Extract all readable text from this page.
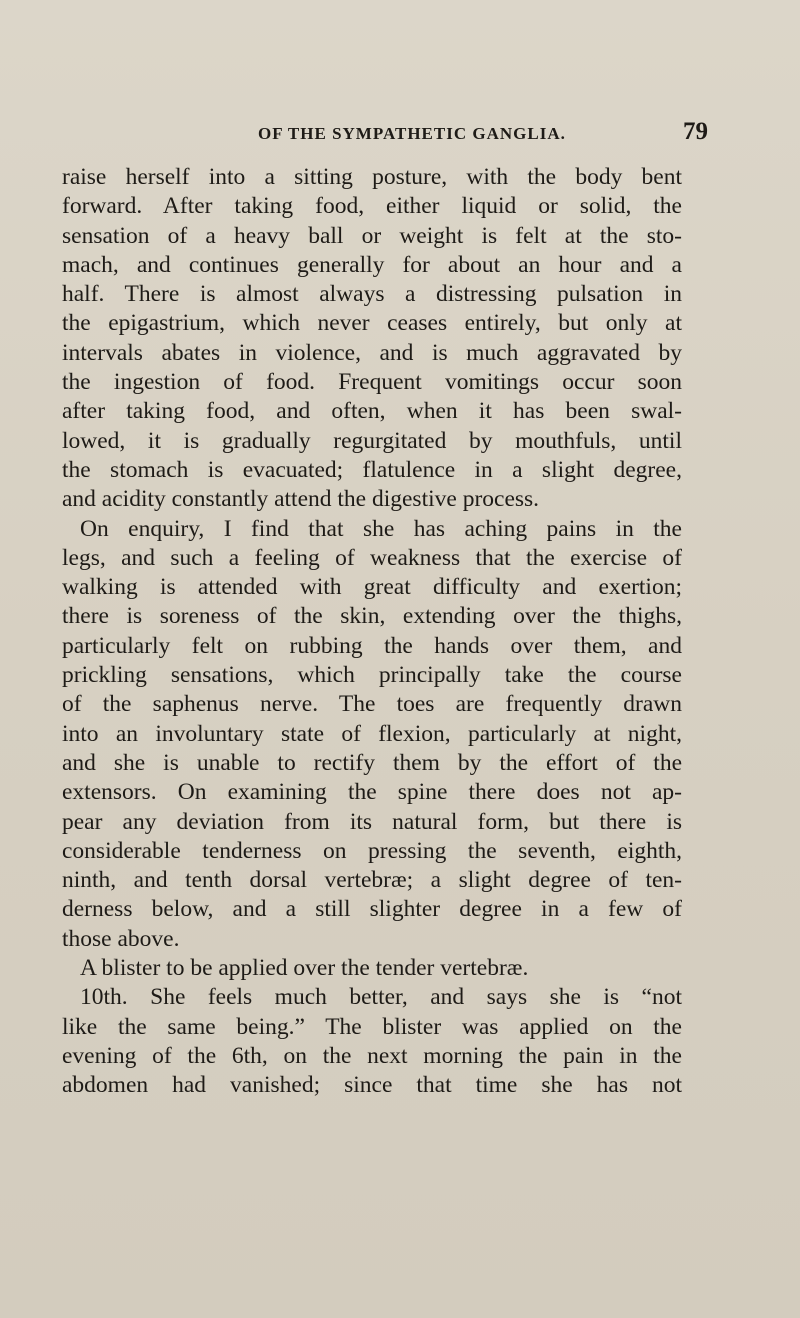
OF THE SYMPATHETIC GANGLIA.	79
raise herself into a sitting posture, with the body bent
forward. After taking food, either liquid or solid, the
sensation of a heavy ball or weight is felt at the sto-
mach, and continues generally for about an hour and a
half. There is almost always a distressing pulsation in
the epigastrium, which never ceases entirely, but only at
intervals abates in violence, and is much aggravated by
the ingestion of food. Frequent vomitings occur soon
after taking food, and often, when it has been swal-
lowed, it is gradually regurgitated by mouthfuls, until
the stomach is evacuated; flatulence in a slight degree,
and acidity constantly attend the digestive process.
On enquiry, I find that she has aching pains in the
legs, and such a feeling of weakness that the exercise of
walking is attended with great difficulty and exertion;
there is soreness of the skin, extending over the thighs,
particularly felt on rubbing the hands over them, and
prickling sensations, which principally take the course
of the saphenus nerve. The toes are frequently drawn
into an involuntary state of flexion, particularly at night,
and she is unable to rectify them by the effort of the
extensors. On examining the spine there does not ap-
pear any deviation from its natural form, but there is
considerable tenderness on pressing the seventh, eighth,
ninth, and tenth dorsal vertebræ; a slight degree of ten-
derness below, and a still slighter degree in a few of
those above.
A blister to be applied over the tender vertebræ.
10th. She feels much better, and says she is “not
like the same being.” The blister was applied on the
evening of the 6th, on the next morning the pain in the
abdomen had vanished; since that time she has not
